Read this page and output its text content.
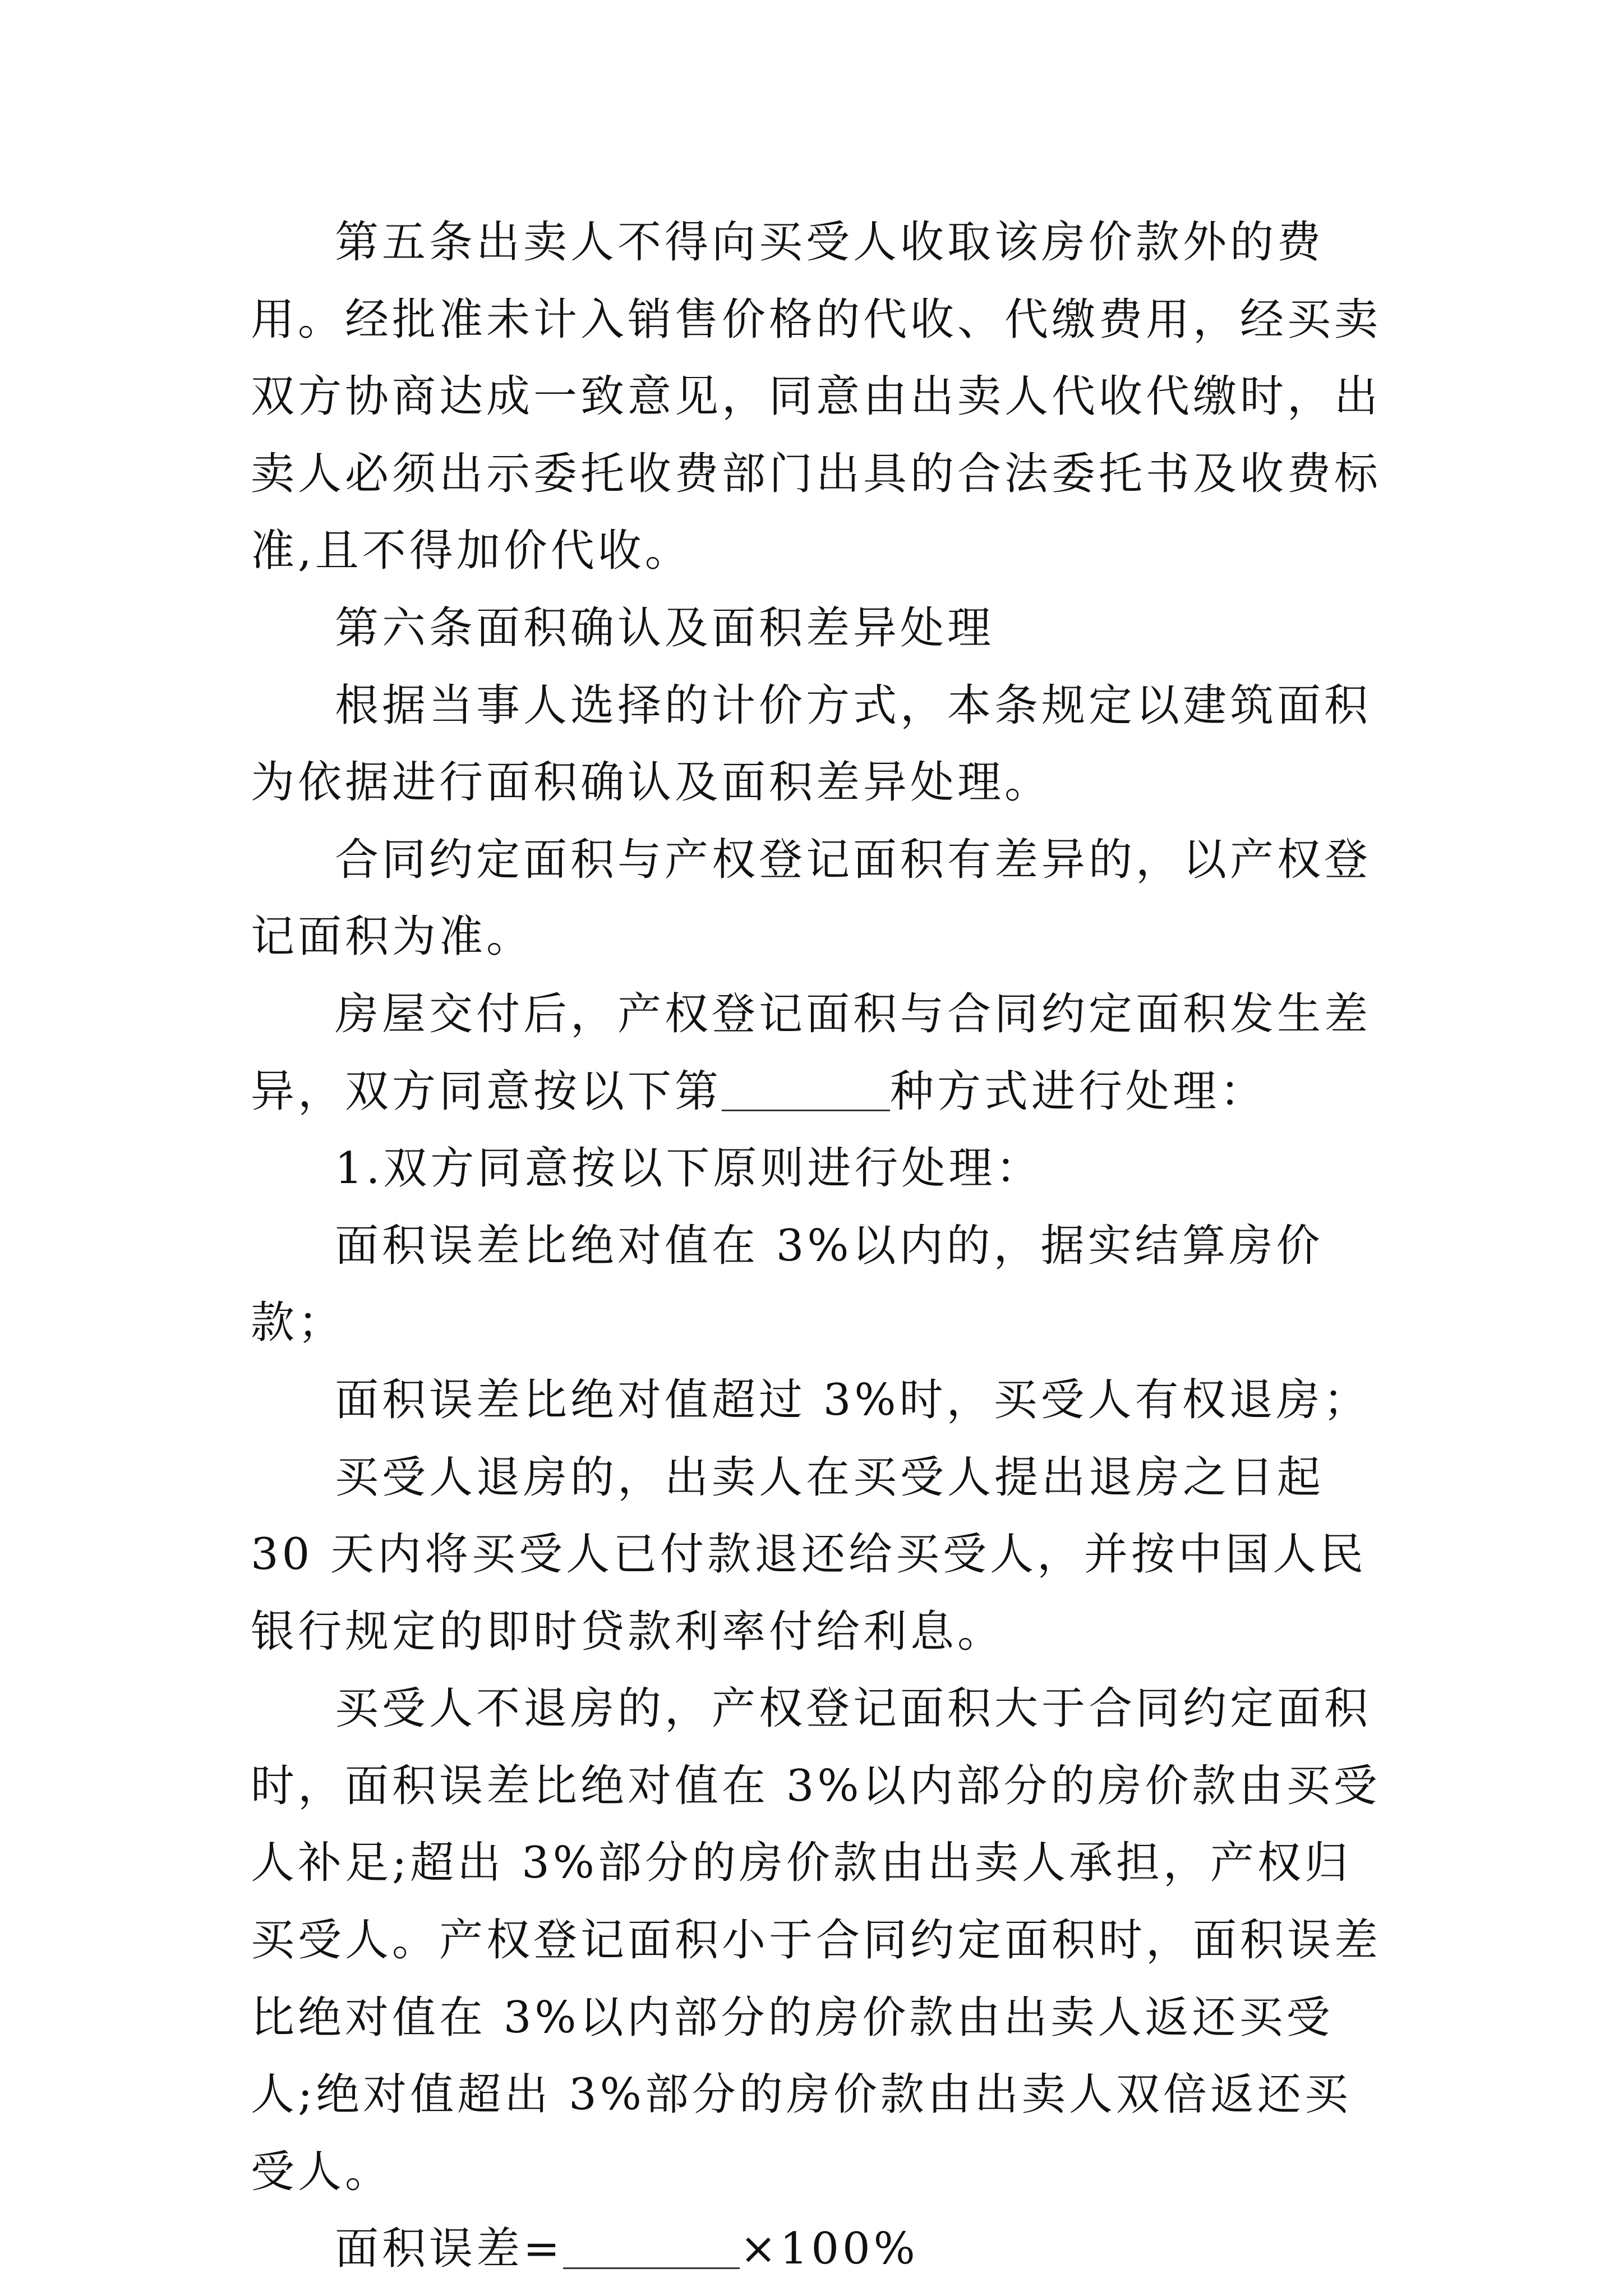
第五条出卖人不得向买受人收取该房价款外的费用。经批准未计入销售价格的代收、代缴费用，经买卖双方协商达成一致意见，同意由出卖人代收代缴时，出卖人必须出示委托收费部门出具的合法委托书及收费标准,且不得加价代收。

第六条面积确认及面积差异处理

根据当事人选择的计价方式，本条规定以建筑面积为依据进行面积确认及面积差异处理。

合同约定面积与产权登记面积有差异的，以产权登记面积为准。

房屋交付后，产权登记面积与合同约定面积发生差异，双方同意按以下第	种方式进行处理：

1.双方同意按以下原则进行处理：

面积误差比绝对值在 3%以内的，据实结算房价款；

面积误差比绝对值超过 3%时，买受人有权退房；

买受人退房的，出卖人在买受人提出退房之日起 30 天内将买受人已付款退还给买受人，并按中国人民银行规定的即时贷款利率付给利息。

买受人不退房的，产权登记面积大于合同约定面积时，面积误差比绝对值在 3%以内部分的房价款由买受人补足;超出 3%部分的房价款由出卖人承担，产权归买受人。产权登记面积小于合同约定面积时，面积误差比绝对值在 3%以内部分的房价款由出卖人返还买受人;绝对值超出 3%部分的房价款由出卖人双倍返还买受人。

面积误差=	×100%
